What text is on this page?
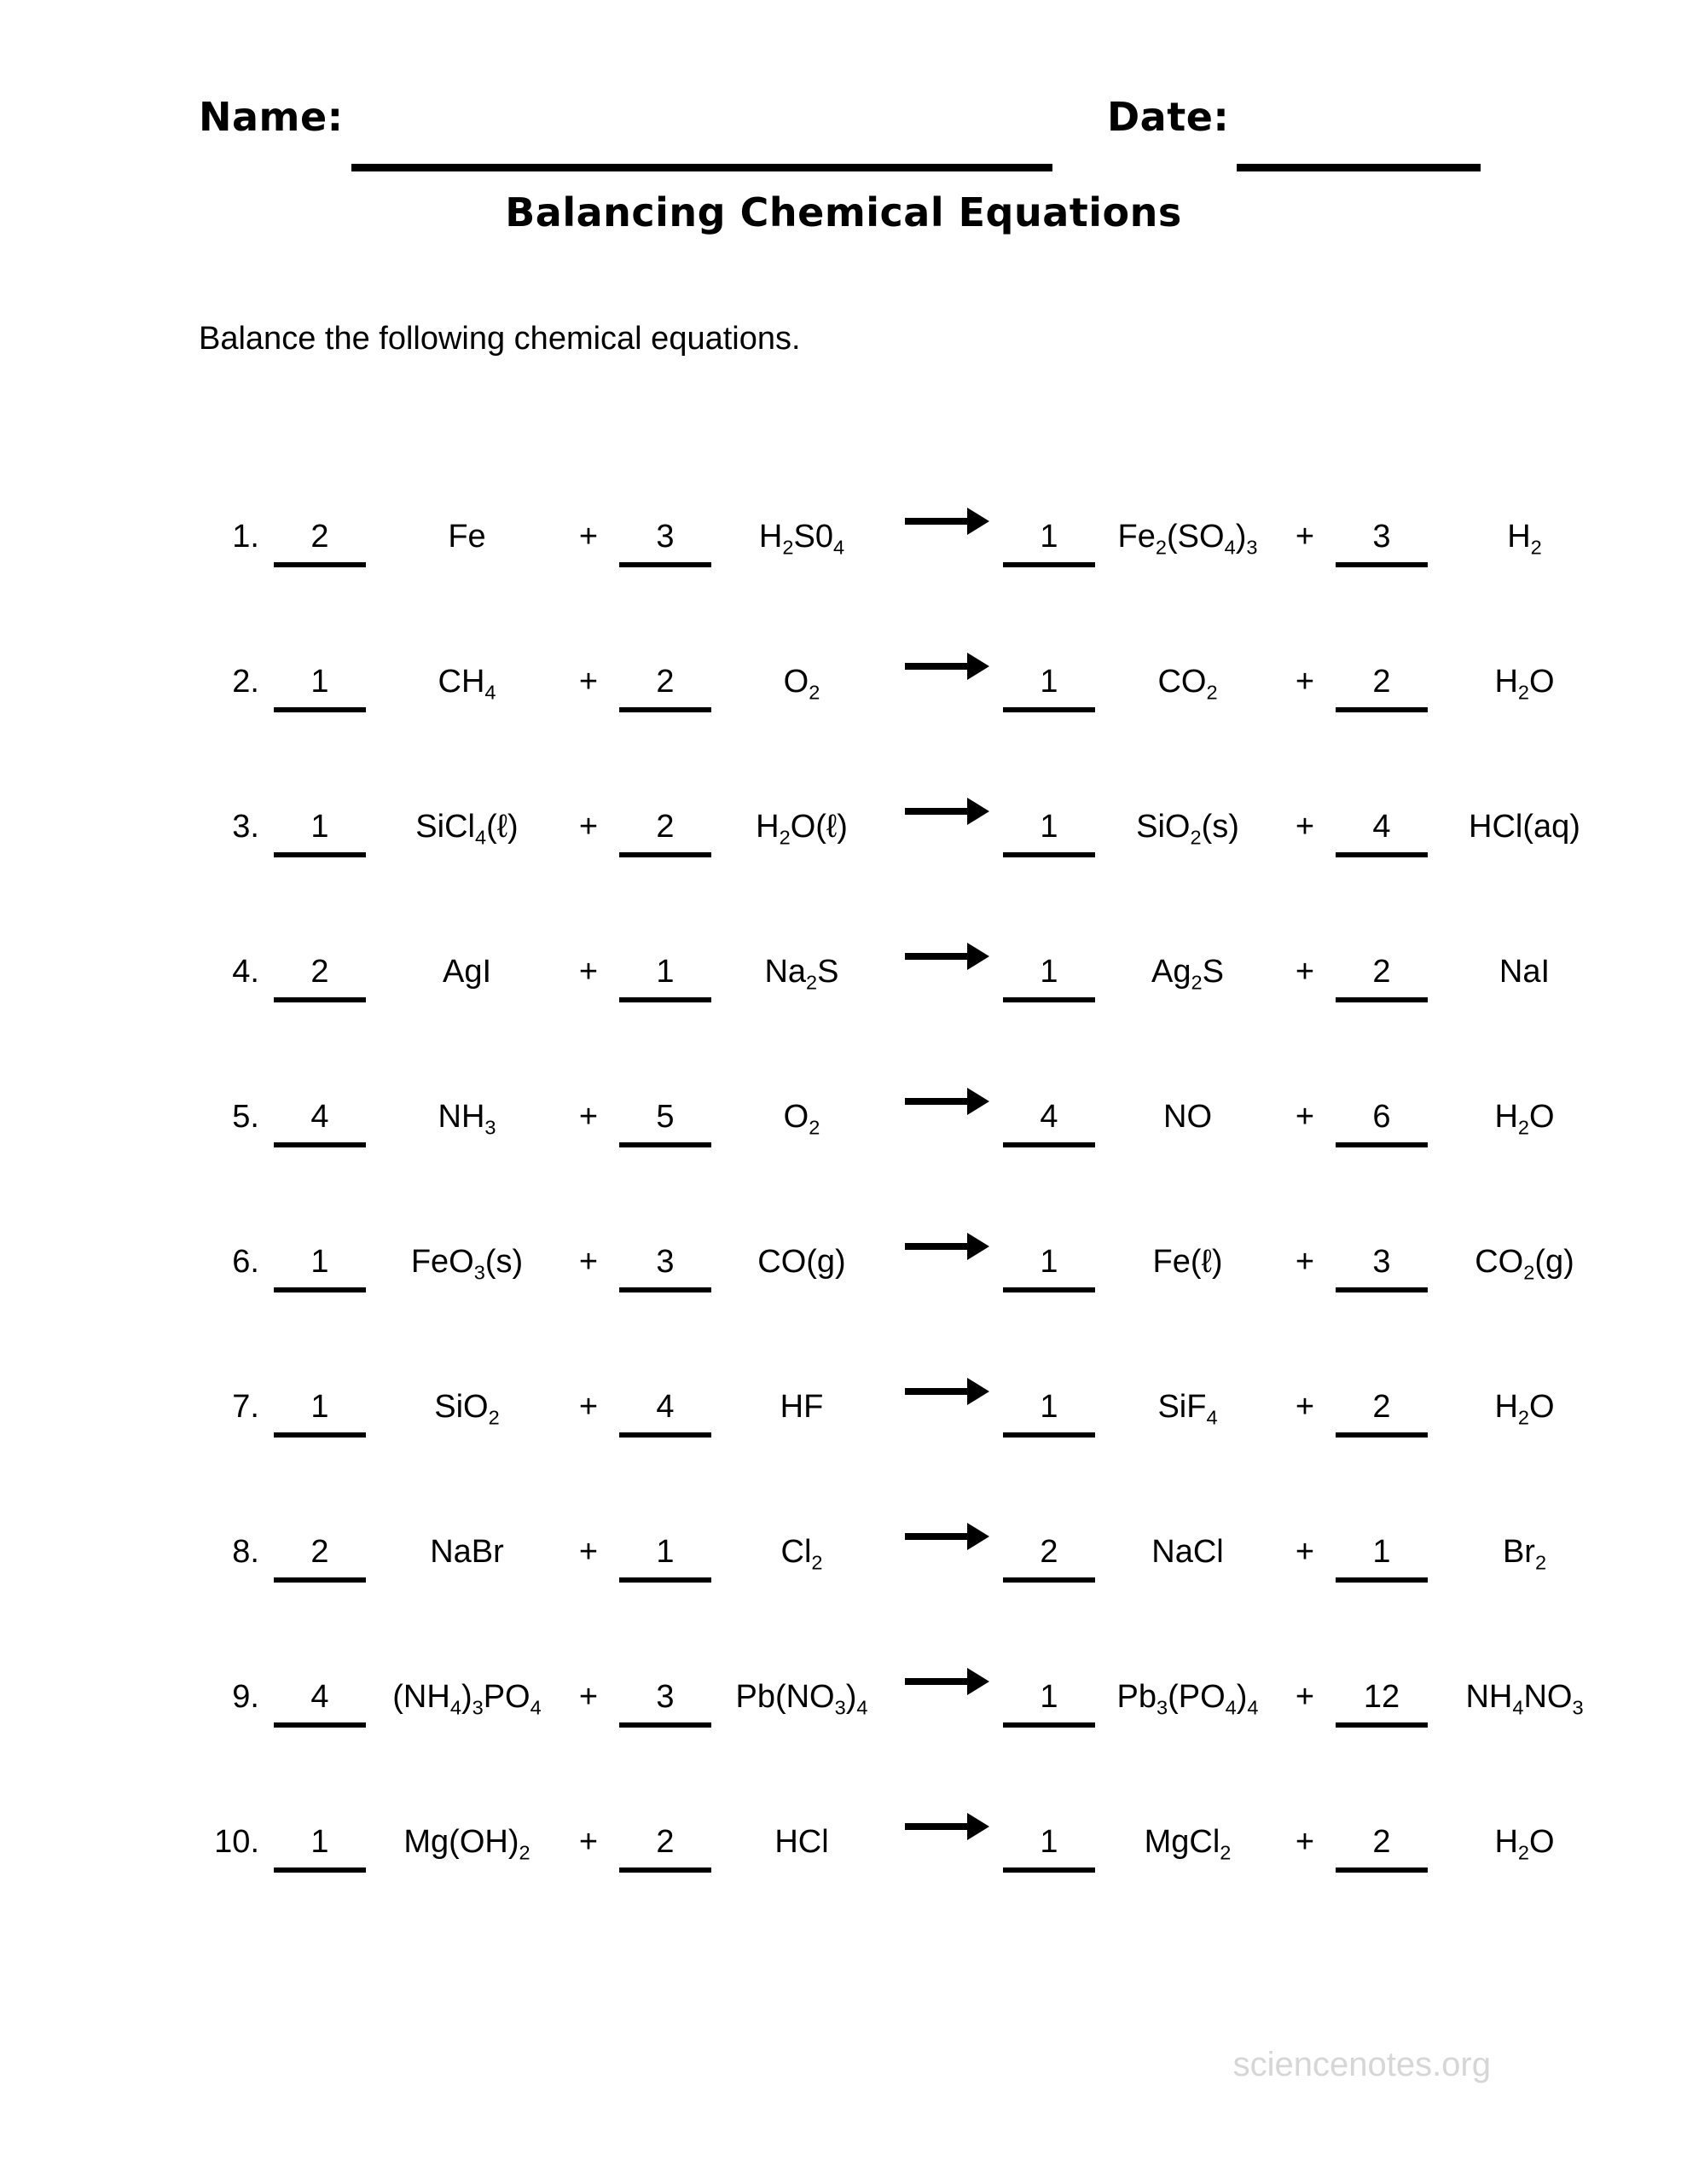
Name:	Date:
Balancing Chemical Equations
Balance the following chemical equations.
1.	2	Fe	+	3	$H_2S0_4$	1	$Fe_2(SO_4)_3$	+	3	$H_2$
2.	1	$CH_4$	+	2	$O_2$	1	$CO_2$	+	2	$H_2O$
3.	1	SiCl$_4$(ℓ)	+	2	$H_2O(\ell)$	1	SiO$_2$(s)	+	4	HCl(aq)
4.	2	AgI	+	1	$Na_2S$	1	$Ag_2S$	+	2	NaI
5.	4	$NH_3$	+	5	$O_2$	4	NO	+	6	$H_2O$
6.	1	FeO$_3$(s)	+	3	CO(g)	1	Fe(ℓ)	+	3	$CO_2(g)$
7.	1	SiO$_2$	+	4	HF	1	SiF$_4$	+	2	$H_2O$
8.	2	NaBr	+	1	$Cl_2$	2	NaCl	+	1	$Br_2$
9.	4	$(NH_4)_3PO_4$	+	3	$Pb(NO_3)_4$	1	$Pb_3(PO_4)_4$	+	12	$NH_4NO_3$
10.	1	$Mg(OH)_2$	+	2	HCl	1	MgCl$_2$	+	2	$H_2O$
sciencenotes.org
